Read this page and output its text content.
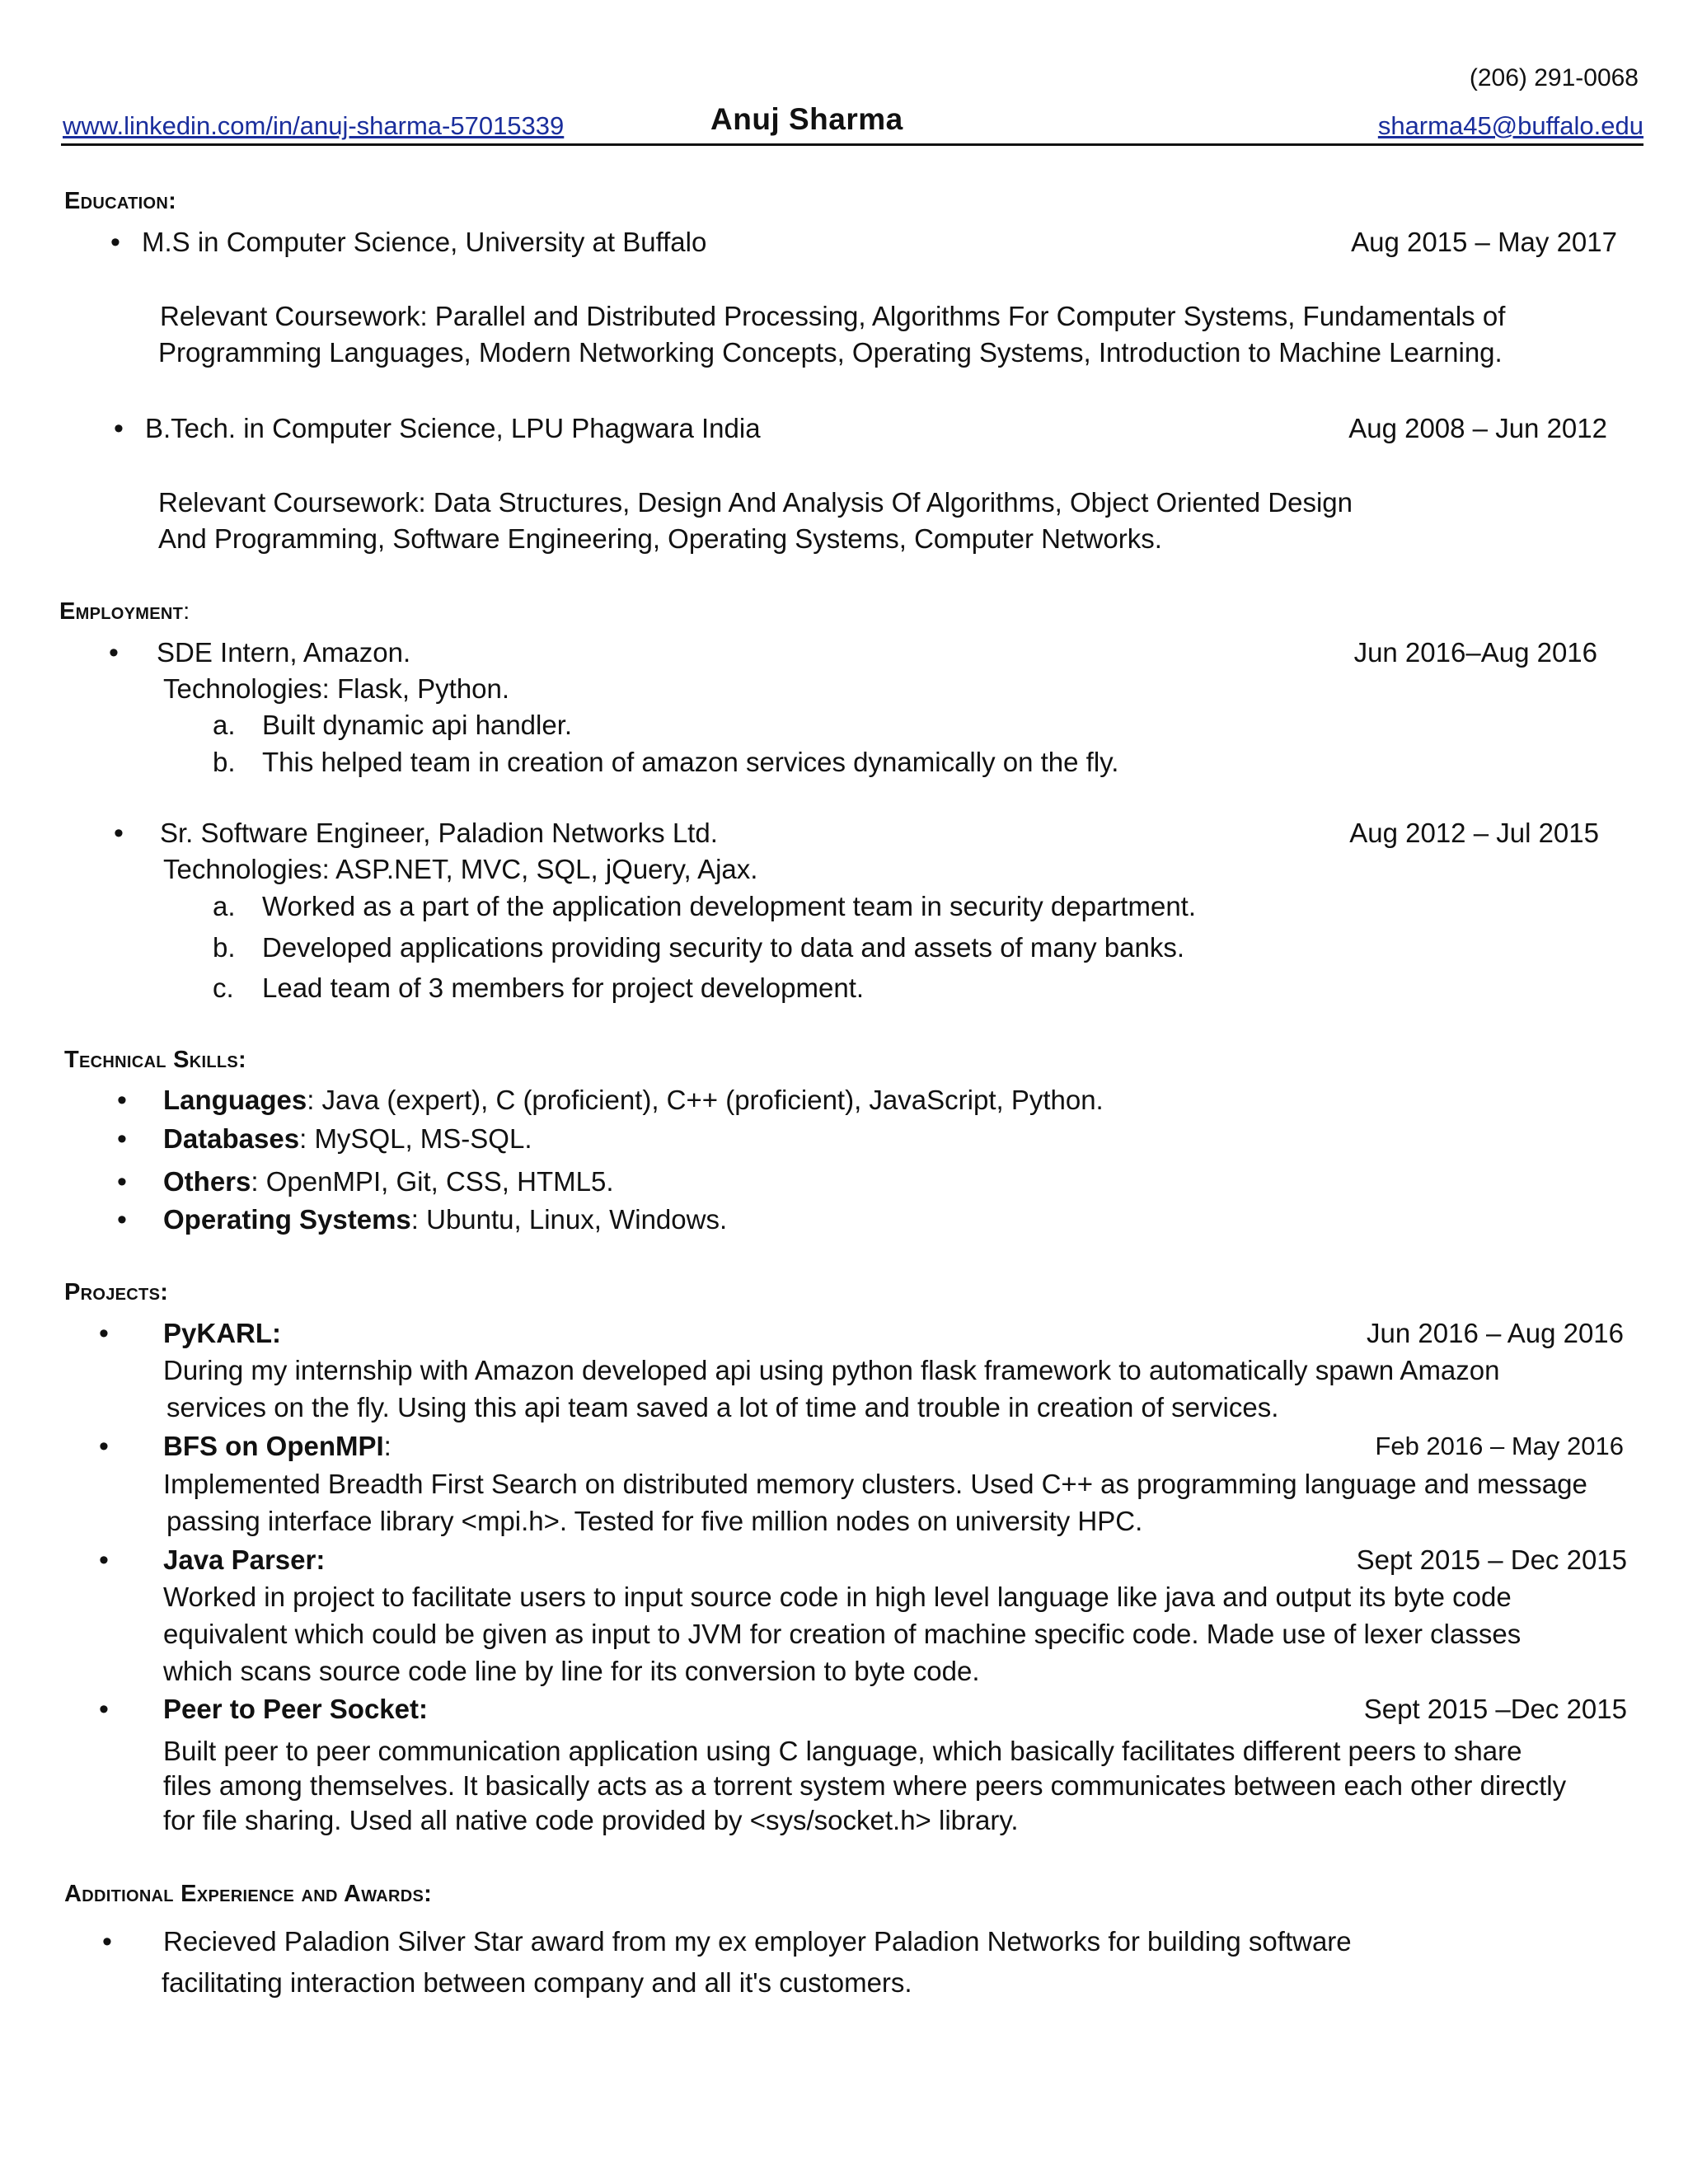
(206) 291-0068
www.linkedin.com/in/anuj-sharma-57015339	Anuj Sharma	sharma45@buffalo.edu
Education:
• M.S in Computer Science, University at Buffalo	Aug 2015 – May 2017
Relevant Coursework: Parallel and Distributed Processing, Algorithms For Computer Systems, Fundamentals of
Programming Languages, Modern Networking Concepts, Operating Systems, Introduction to Machine Learning.
• B.Tech. in Computer Science, LPU Phagwara India	Aug 2008 – Jun 2012
Relevant Coursework: Data Structures, Design And Analysis Of Algorithms, Object Oriented Design
And Programming, Software Engineering, Operating Systems, Computer Networks.
Employment:
• SDE Intern, Amazon.	Jun 2016–Aug 2016
Technologies: Flask, Python.
a. Built dynamic api handler.
b. This helped team in creation of amazon services dynamically on the fly.
• Sr. Software Engineer, Paladion Networks Ltd.	Aug 2012 – Jul 2015
Technologies: ASP.NET, MVC, SQL, jQuery, Ajax.
a. Worked as a part of the application development team in security department.
b. Developed applications providing security to data and assets of many banks.
c. Lead team of 3 members for project development.
Technical Skills:
• Languages: Java (expert), C (proficient), C++ (proficient), JavaScript, Python.
• Databases: MySQL, MS-SQL.
• Others: OpenMPI, Git, CSS, HTML5.
• Operating Systems: Ubuntu, Linux, Windows.
Projects:
• PyKARL:	Jun 2016 – Aug 2016
During my internship with Amazon developed api using python flask framework to automatically spawn Amazon
services on the fly. Using this api team saved a lot of time and trouble in creation of services.
• BFS on OpenMPI:	Feb 2016 – May 2016
Implemented Breadth First Search on distributed memory clusters. Used C++ as programming language and message
passing interface library <mpi.h>. Tested for five million nodes on university HPC.
• Java Parser:	Sept 2015 – Dec 2015
Worked in project to facilitate users to input source code in high level language like java and output its byte code
equivalent which could be given as input to JVM for creation of machine specific code. Made use of lexer classes
which scans source code line by line for its conversion to byte code.
• Peer to Peer Socket:	Sept 2015 –Dec 2015
Built peer to peer communication application using C language, which basically facilitates different peers to share
files among themselves. It basically acts as a torrent system where peers communicates between each other directly
for file sharing. Used all native code provided by <sys/socket.h> library.
Additional Experience and Awards:
• Recieved Paladion Silver Star award from my ex employer Paladion Networks for building software
facilitating interaction between company and all it's customers.
